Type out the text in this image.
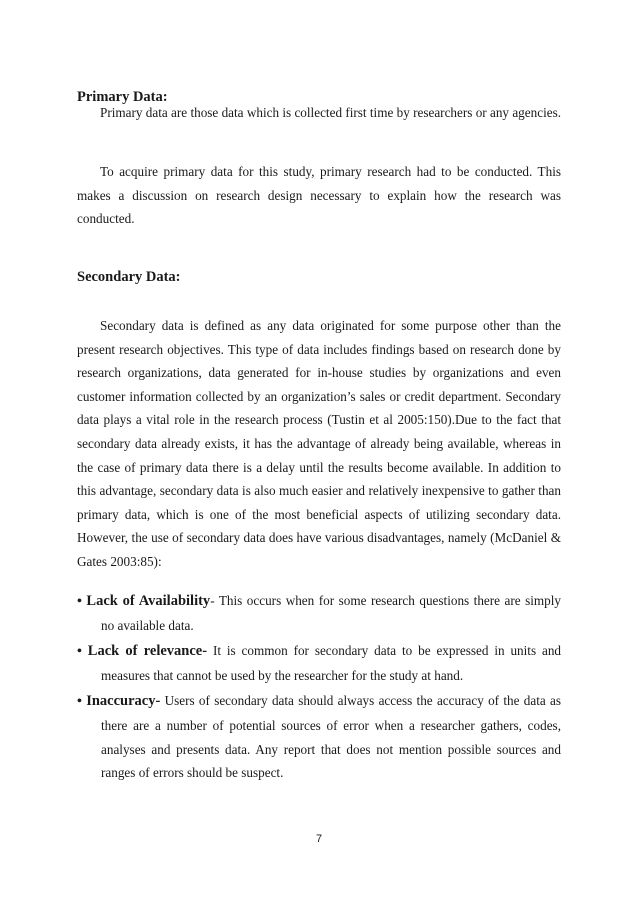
Primary Data:

Primary data are those data which is collected first time by researchers or any agencies.

To acquire primary data for this study, primary research had to be conducted. This makes a discussion on research design necessary to explain how the research was conducted.

Secondary Data:

Secondary data is defined as any data originated for some purpose other than the present research objectives. This type of data includes findings based on research done by research organizations, data generated for in-house studies by organizations and even customer information collected by an organization’s sales or credit department. Secondary data plays a vital role in the research process (Tustin et al 2005:150).Due to the fact that secondary data already exists, it has the advantage of already being available, whereas in the case of primary data there is a delay until the results become available. In addition to this advantage, secondary data is also much easier and relatively inexpensive to gather than primary data, which is one of the most beneficial aspects of utilizing secondary data. However, the use of secondary data does have various disadvantages, namely (McDaniel & Gates 2003:85):

• Lack of Availability- This occurs when for some research questions there are simply no available data.
• Lack of relevance- It is common for secondary data to be expressed in units and measures that cannot be used by the researcher for the study at hand.
• Inaccuracy- Users of secondary data should always access the accuracy of the data as there are a number of potential sources of error when a researcher gathers, codes, analyses and presents data. Any report that does not mention possible sources and ranges of errors should be suspect.
7
